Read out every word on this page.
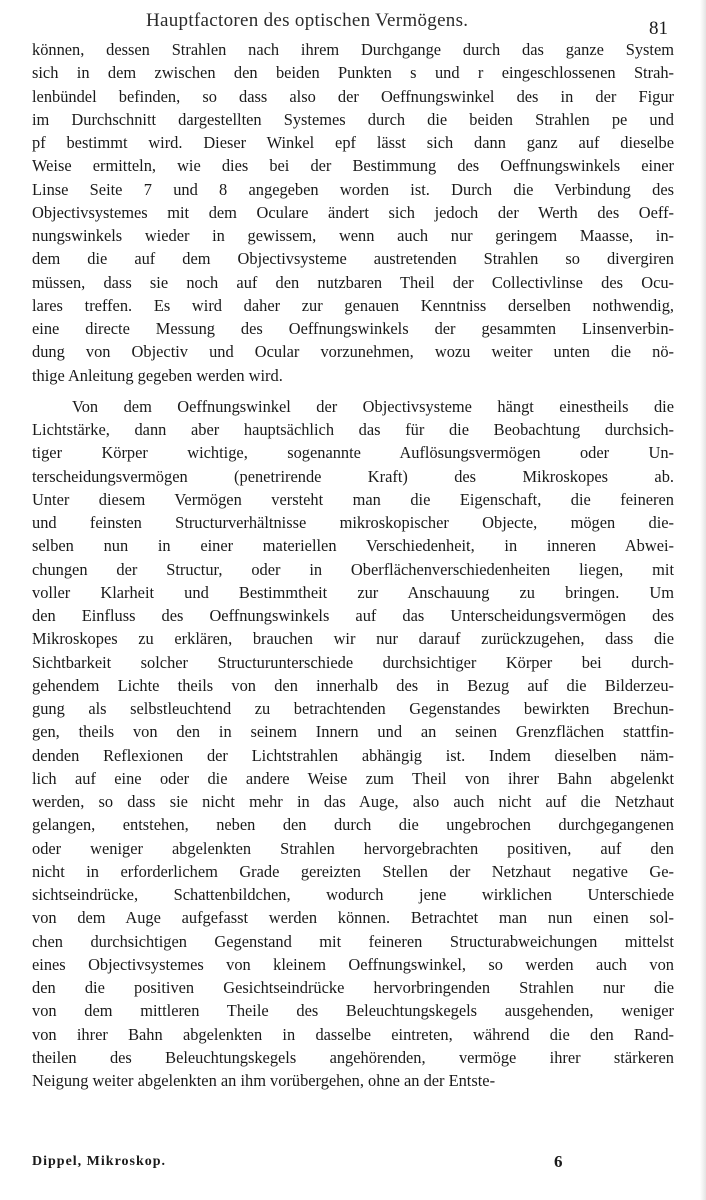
Hauptfactoren des optischen Vermögens.	81
können, dessen Strahlen nach ihrem Durchgange durch das ganze System
sich in dem zwischen den beiden Punkten s und r eingeschlossenen Strah-
lenbündel befinden, so dass also der Oeffnungswinkel des in der Figur
im Durchschnitt dargestellten Systemes durch die beiden Strahlen pe und
pf bestimmt wird. Dieser Winkel epf lässt sich dann ganz auf dieselbe
Weise ermitteln, wie dies bei der Bestimmung des Oeffnungswinkels einer
Linse Seite 7 und 8 angegeben worden ist. Durch die Verbindung des
Objectivsystemes mit dem Oculare ändert sich jedoch der Werth des Oeff-
nungswinkels wieder in gewissem, wenn auch nur geringem Maasse, in-
dem die auf dem Objectivsysteme austretenden Strahlen so divergiren
müssen, dass sie noch auf den nutzbaren Theil der Collectivlinse des Ocu-
lares treffen. Es wird daher zur genauen Kenntniss derselben nothwendig,
eine directe Messung des Oeffnungswinkels der gesammten Linsenverbin-
dung von Objectiv und Ocular vorzunehmen, wozu weiter unten die nö-
thige Anleitung gegeben werden wird.
Von dem Oeffnungswinkel der Objectivsysteme hängt einestheils die
Lichtstärke, dann aber hauptsächlich das für die Beobachtung durchsich-
tiger Körper wichtige, sogenannte Auflösungsvermögen oder Un-
terscheidungsvermögen (penetrirende Kraft) des Mikroskopes ab.
Unter diesem Vermögen versteht man die Eigenschaft, die feineren
und feinsten Structurverhältnisse mikroskopischer Objecte, mögen die-
selben nun in einer materiellen Verschiedenheit, in inneren Abwei-
chungen der Structur, oder in Oberflächenverschiedenheiten liegen, mit
voller Klarheit und Bestimmtheit zur Anschauung zu bringen. Um
den Einfluss des Oeffnungswinkels auf das Unterscheidungsvermögen des
Mikroskopes zu erklären, brauchen wir nur darauf zurückzugehen, dass die
Sichtbarkeit solcher Structurunterschiede durchsichtiger Körper bei durch-
gehendem Lichte theils von den innerhalb des in Bezug auf die Bilderzeu-
gung als selbstleuchtend zu betrachtenden Gegenstandes bewirkten Brechun-
gen, theils von den in seinem Innern und an seinen Grenzflächen stattfin-
denden Reflexionen der Lichtstrahlen abhängig ist. Indem dieselben näm-
lich auf eine oder die andere Weise zum Theil von ihrer Bahn abgelenkt
werden, so dass sie nicht mehr in das Auge, also auch nicht auf die Netzhaut
gelangen, entstehen, neben den durch die ungebrochen durchgegangenen
oder weniger abgelenkten Strahlen hervorgebrachten positiven, auf den
nicht in erforderlichem Grade gereizten Stellen der Netzhaut negative Ge-
sichtseindrücke, Schattenbildchen, wodurch jene wirklichen Unterschiede
von dem Auge aufgefasst werden können. Betrachtet man nun einen sol-
chen durchsichtigen Gegenstand mit feineren Structurabweichungen mittelst
eines Objectivsystemes von kleinem Oeffnungswinkel, so werden auch von
den die positiven Gesichtseindrücke hervorbringenden Strahlen nur die
von dem mittleren Theile des Beleuchtungskegels ausgehenden, weniger
von ihrer Bahn abgelenkten in dasselbe eintreten, während die den Rand-
theilen des Beleuchtungskegels angehörenden, vermöge ihrer stärkeren
Neigung weiter abgelenkten an ihm vorübergehen, ohne an der Entste-
Dippel, Mikroskop.	6
